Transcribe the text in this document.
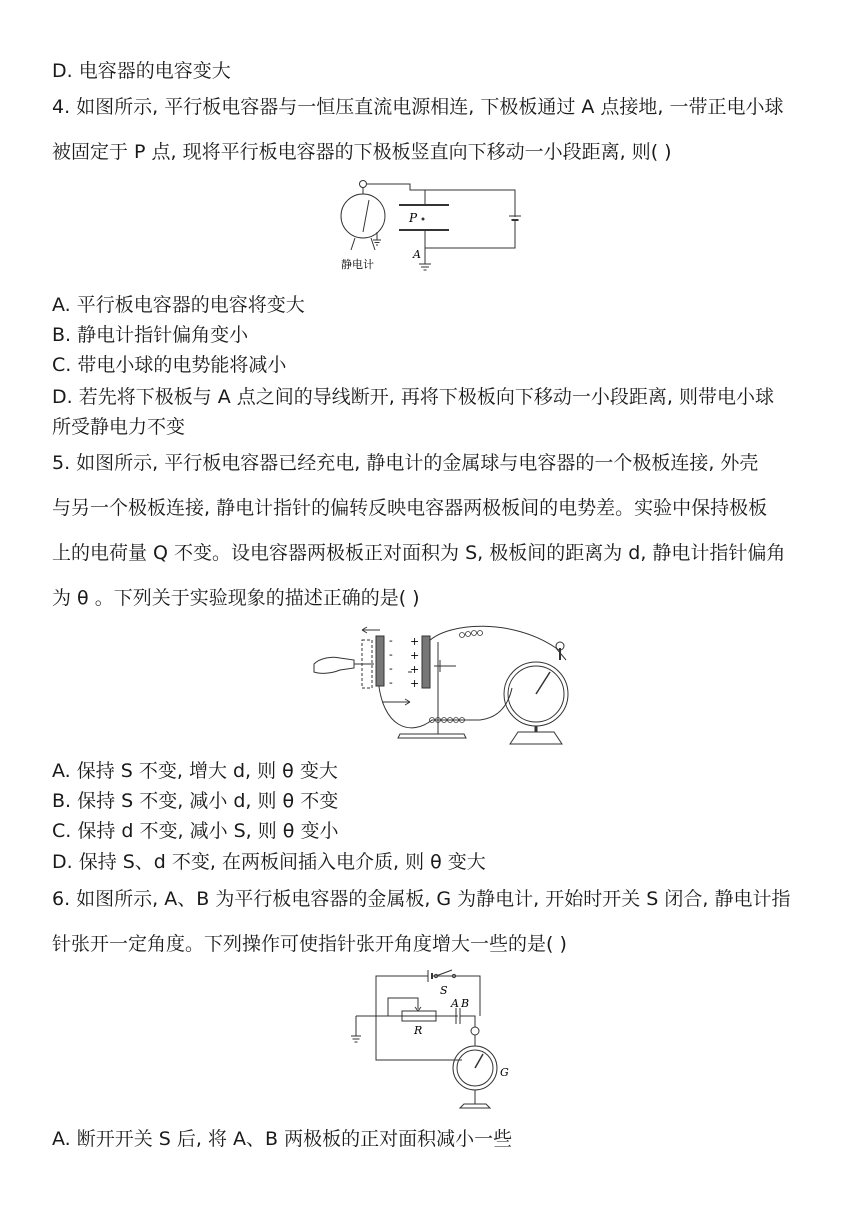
D. 电容器的电容变大
4. 如图所示, 平行板电容器与一恒压直流电源相连, 下极板通过 A 点接地, 一带正电小球
被固定于 P 点, 现将平行板电容器的下极板竖直向下移动一小段距离, 则( )
P
A
静电计
A. 平行板电容器的电容将变大
B. 静电计指针偏角变小
C. 带电小球的电势能将减小
D. 若先将下极板与 A 点之间的导线断开, 再将下极板向下移动一小段距离, 则带电小球
所受静电力不变
5. 如图所示, 平行板电容器已经充电, 静电计的金属球与电容器的一个极板连接, 外壳
与另一个极板连接, 静电计指针的偏转反映电容器两极板间的电势差。实验中保持极板
上的电荷量 Q 不变。设电容器两极板正对面积为 S, 极板间的距离为 d, 静电计指针偏角
为 θ 。下列关于实验现象的描述正确的是( )
-
-
-
-
+
+
+
+
A. 保持 S 不变, 增大 d, 则 θ 变大
B. 保持 S 不变, 减小 d, 则 θ 不变
C. 保持 d 不变, 减小 S, 则 θ 变小
D. 保持 S、d 不变, 在两板间插入电介质, 则 θ 变大
6. 如图所示, A、B 为平行板电容器的金属板, G 为静电计, 开始时开关 S 闭合, 静电计指
针张开一定角度。下列操作可使指针张开角度增大一些的是( )
S
A B
R
G
A. 断开开关 S 后, 将 A、B 两极板的正对面积减小一些
